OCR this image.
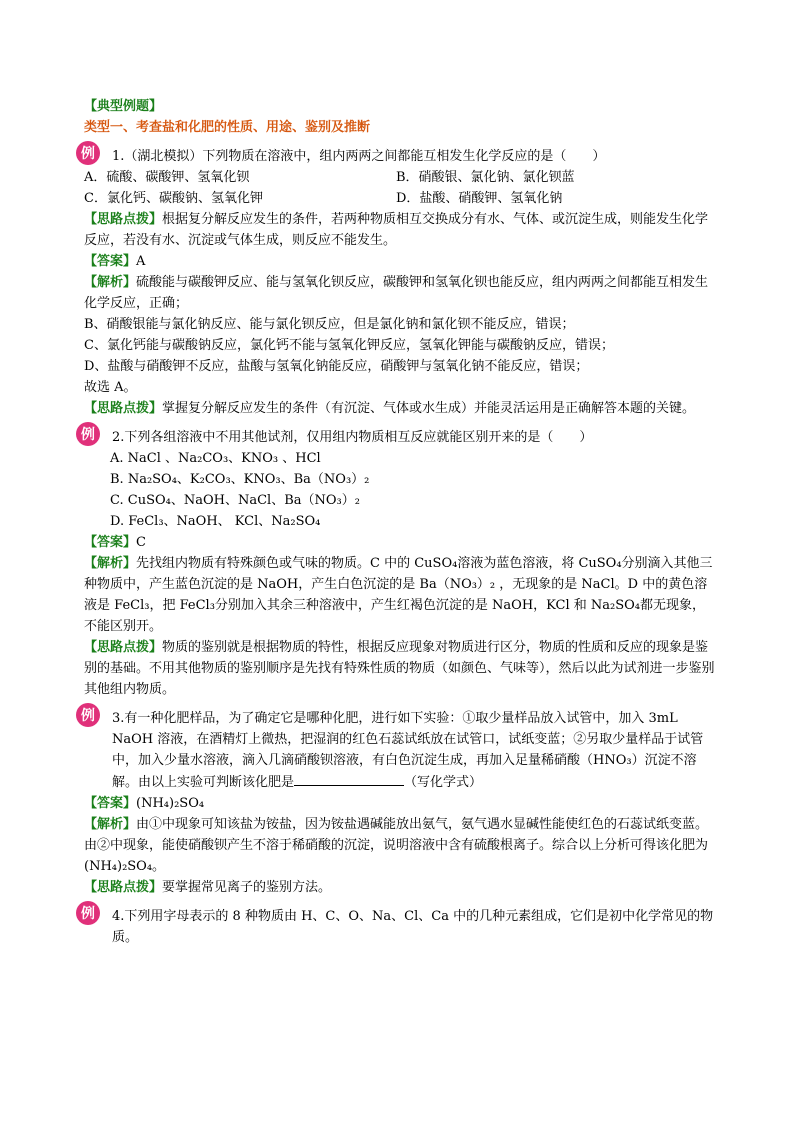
【典型例题】
类型一、考查盐和化肥的性质、用途、鉴别及推断
例	1.（湖北模拟）下列物质在溶液中，组内两两之间都能互相发生化学反应的是（　　）

A．硫酸、碳酸钾、氢氧化钡	B．硝酸银、氯化钠、氯化钡蓝
C．氯化钙、碳酸钠、氢氧化钾	D．盐酸、硝酸钾、氢氧化钠

【思路点拨】根据复分解反应发生的条件，若两种物质相互交换成分有水、气体、或沉淀生成，则能发生化学反应，若没有水、沉淀或气体生成，则反应不能发生。

【答案】A

【解析】硫酸能与碳酸钾反应、能与氢氧化钡反应，碳酸钾和氢氧化钡也能反应，组内两两之间都能互相发生化学反应，正确；

B、硝酸银能与氯化钠反应、能与氯化钡反应，但是氯化钠和氯化钡不能反应，错误；

C、氯化钙能与碳酸钠反应，氯化钙不能与氢氧化钾反应，氢氧化钾能与碳酸钠反应，错误；

D、盐酸与硝酸钾不反应，盐酸与氢氧化钠能反应，硝酸钾与氢氧化钠不能反应，错误；

故选 A。

【思路点拨】掌握复分解反应发生的条件（有沉淀、气体或水生成）并能灵活运用是正确解答本题的关键。

例	2.下列各组溶液中不用其他试剂，仅用组内物质相互反应就能区别开来的是（　　）

A. NaCl 、Na₂CO₃、KNO₃ 、HCl
B. Na₂SO₄、K₂CO₃、KNO₃、Ba（NO₃）₂
C. CuSO₄、NaOH、NaCl、Ba（NO₃）₂
D. FeCl₃、NaOH、 KCl、Na₂SO₄

【答案】C

【解析】先找组内物质有特殊颜色或气味的物质。C 中的 CuSO₄溶液为蓝色溶液，将 CuSO₄分别滴入其他三种物质中，产生蓝色沉淀的是 NaOH，产生白色沉淀的是 Ba（NO₃）₂ ，无现象的是 NaCl。D 中的黄色溶液是 FeCl₃，把 FeCl₃分别加入其余三种溶液中，产生红褐色沉淀的是 NaOH，KCl 和 Na₂SO₄都无现象，不能区别开。

【思路点拨】物质的鉴别就是根据物质的特性，根据反应现象对物质进行区分，物质的性质和反应的现象是鉴别的基础。不用其他物质的鉴别顺序是先找有特殊性质的物质（如颜色、气味等），然后以此为试剂进一步鉴别其他组内物质。

例	3.有一种化肥样品，为了确定它是哪种化肥，进行如下实验：①取少量样品放入试管中，加入 3mL NaOH 溶液，在酒精灯上微热，把湿润的红色石蕊试纸放在试管口，试纸变蓝；②另取少量样品于试管中，加入少量水溶液，滴入几滴硝酸钡溶液，有白色沉淀生成，再加入足量稀硝酸（HNO₃）沉淀不溶解。由以上实验可判断该化肥是	（写化学式）

【答案】(NH₄)₂SO₄

【解析】由①中现象可知该盐为铵盐，因为铵盐遇碱能放出氨气，氨气遇水显碱性能使红色的石蕊试纸变蓝。由②中现象，能使硝酸钡产生不溶于稀硝酸的沉淀，说明溶液中含有硫酸根离子。综合以上分析可得该化肥为(NH₄)₂SO₄。

【思路点拨】要掌握常见离子的鉴别方法。

例	4.下列用字母表示的 8 种物质由 H、C、O、Na、Cl、Ca 中的几种元素组成，它们是初中化学常见的物质。
